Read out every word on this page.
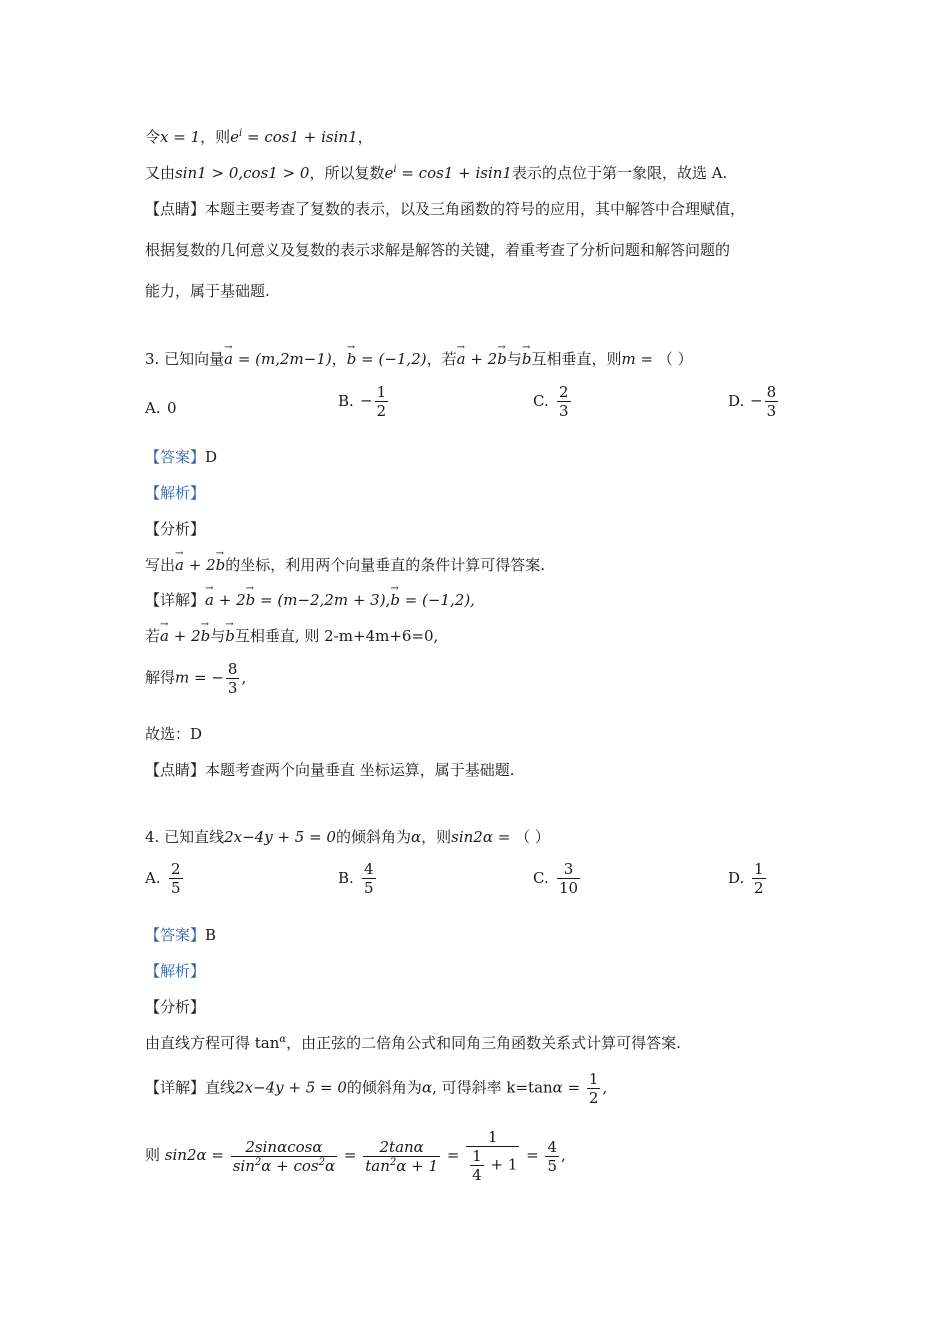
令x = 1，则$e^i = \cos 1 + isin1$，
又由sin1 > 0,cos1 > 0，所以复数$e^i = \cos 1 + isin1$表示的点位于第一象限，故选 A.
【点睛】本题主要考查了复数的表示，以及三角函数的符号的应用，其中解答中合理赋值，
根据复数的几何意义及复数的表示求解是解答的关键，着重考查了分析问题和解答问题的
能力，属于基础题.
3. 已知向量→ a = (m,2m−1)，→ b = (−1,2)，若→ a + 2→ b与→ b互相垂直，则m = （ ）
A. 0	B. − $\frac{1}{2}$	C. $\frac{2}{3}$	D. − $\frac{8}{3}$
【答案】D
【解析】
【分析】
写出→ a + 2→ b的坐标，利用两个向量垂直的条件计算可得答案.
【详解】→ a + 2→ b = (m−2,2m + 3),→ b = (−1,2),
若→ a + 2→ b与→ b互相垂直, 则 2-m+4m+6=0,
解得m = − $\frac{8}{3}$ ,
故选：D
【点睛】本题考查两个向量垂直 坐标运算，属于基础题.
4. 已知直线2x−4y + 5 = 0的倾斜角为α，则sin2α = （ ）
A. $\frac{2}{5}$	B. $\frac{4}{5}$	C. $\frac{3}{10}$	D. $\frac{1}{2}$
【答案】B
【解析】
【分析】
由直线方程可得 $\tan^\alpha$，由正弦的二倍角公式和同角三角函数关系式计算可得答案.
【详解】直线2x−4y + 5 = 0的倾斜角为α, 可得斜率 $k=\tan\alpha = \frac{1}{2}$ ,
则 $\sin 2\alpha = \frac{2\sin\alpha\cos\alpha}{\sin^2\alpha + \cos^2\alpha} = \frac{2\tan\alpha}{\tan^2\alpha + 1} = \frac{1}{\frac{1}{4} + 1} = \frac{4}{5}$ ,
